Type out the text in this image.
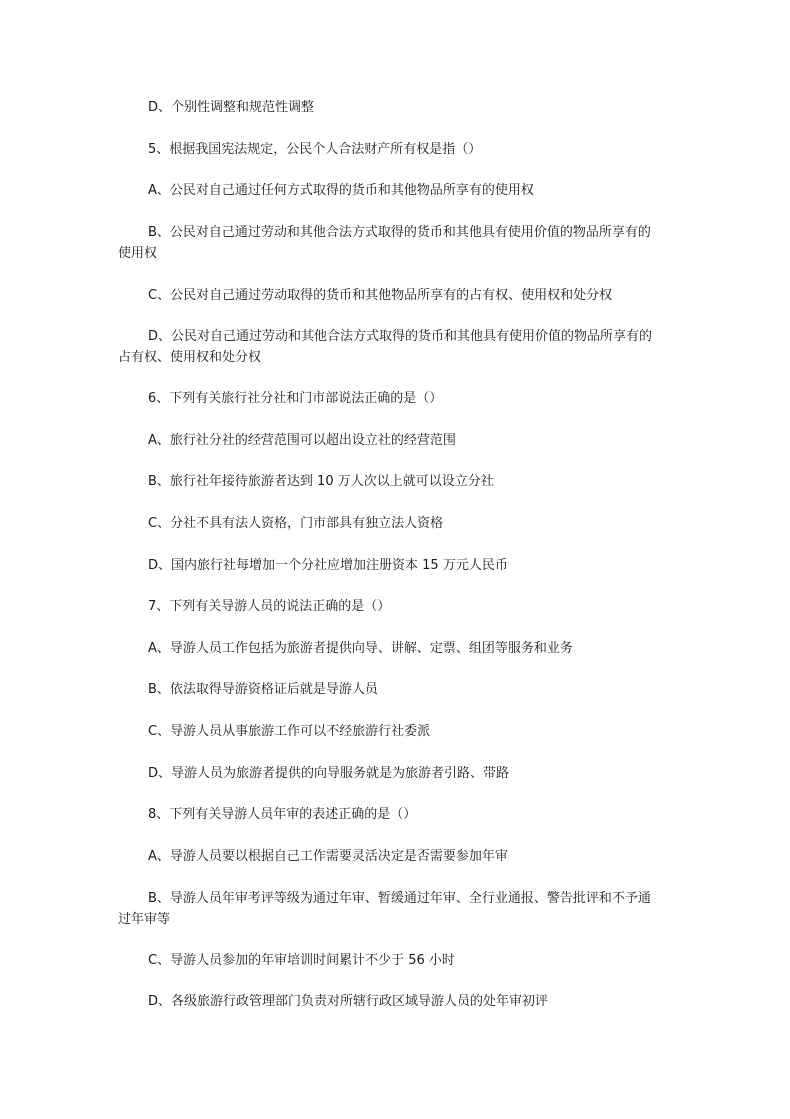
D、个别性调整和规范性调整

5、根据我国宪法规定，公民个人合法财产所有权是指（）

A、公民对自己通过任何方式取得的货币和其他物品所享有的使用权

B、公民对自己通过劳动和其他合法方式取得的货币和其他具有使用价值的物品所享有的使用权

C、公民对自己通过劳动取得的货币和其他物品所享有的占有权、使用权和处分权

D、公民对自己通过劳动和其他合法方式取得的货币和其他具有使用价值的物品所享有的占有权、使用权和处分权

6、下列有关旅行社分社和门市部说法正确的是（）

A、旅行社分社的经营范围可以超出设立社的经营范围

B、旅行社年接待旅游者达到 10 万人次以上就可以设立分社

C、分社不具有法人资格，门市部具有独立法人资格

D、国内旅行社每增加一个分社应增加注册资本 15 万元人民币

7、下列有关导游人员的说法正确的是（）

A、导游人员工作包括为旅游者提供向导、讲解、定票、组团等服务和业务

B、依法取得导游资格证后就是导游人员

C、导游人员从事旅游工作可以不经旅游行社委派

D、导游人员为旅游者提供的向导服务就是为旅游者引路、带路

8、下列有关导游人员年审的表述正确的是（）

A、导游人员要以根据自己工作需要灵活决定是否需要参加年审

B、导游人员年审考评等级为通过年审、暂缓通过年审、全行业通报、警告批评和不予通过年审等

C、导游人员参加的年审培训时间累计不少于 56 小时

D、各级旅游行政管理部门负责对所辖行政区域导游人员的处年审初评
